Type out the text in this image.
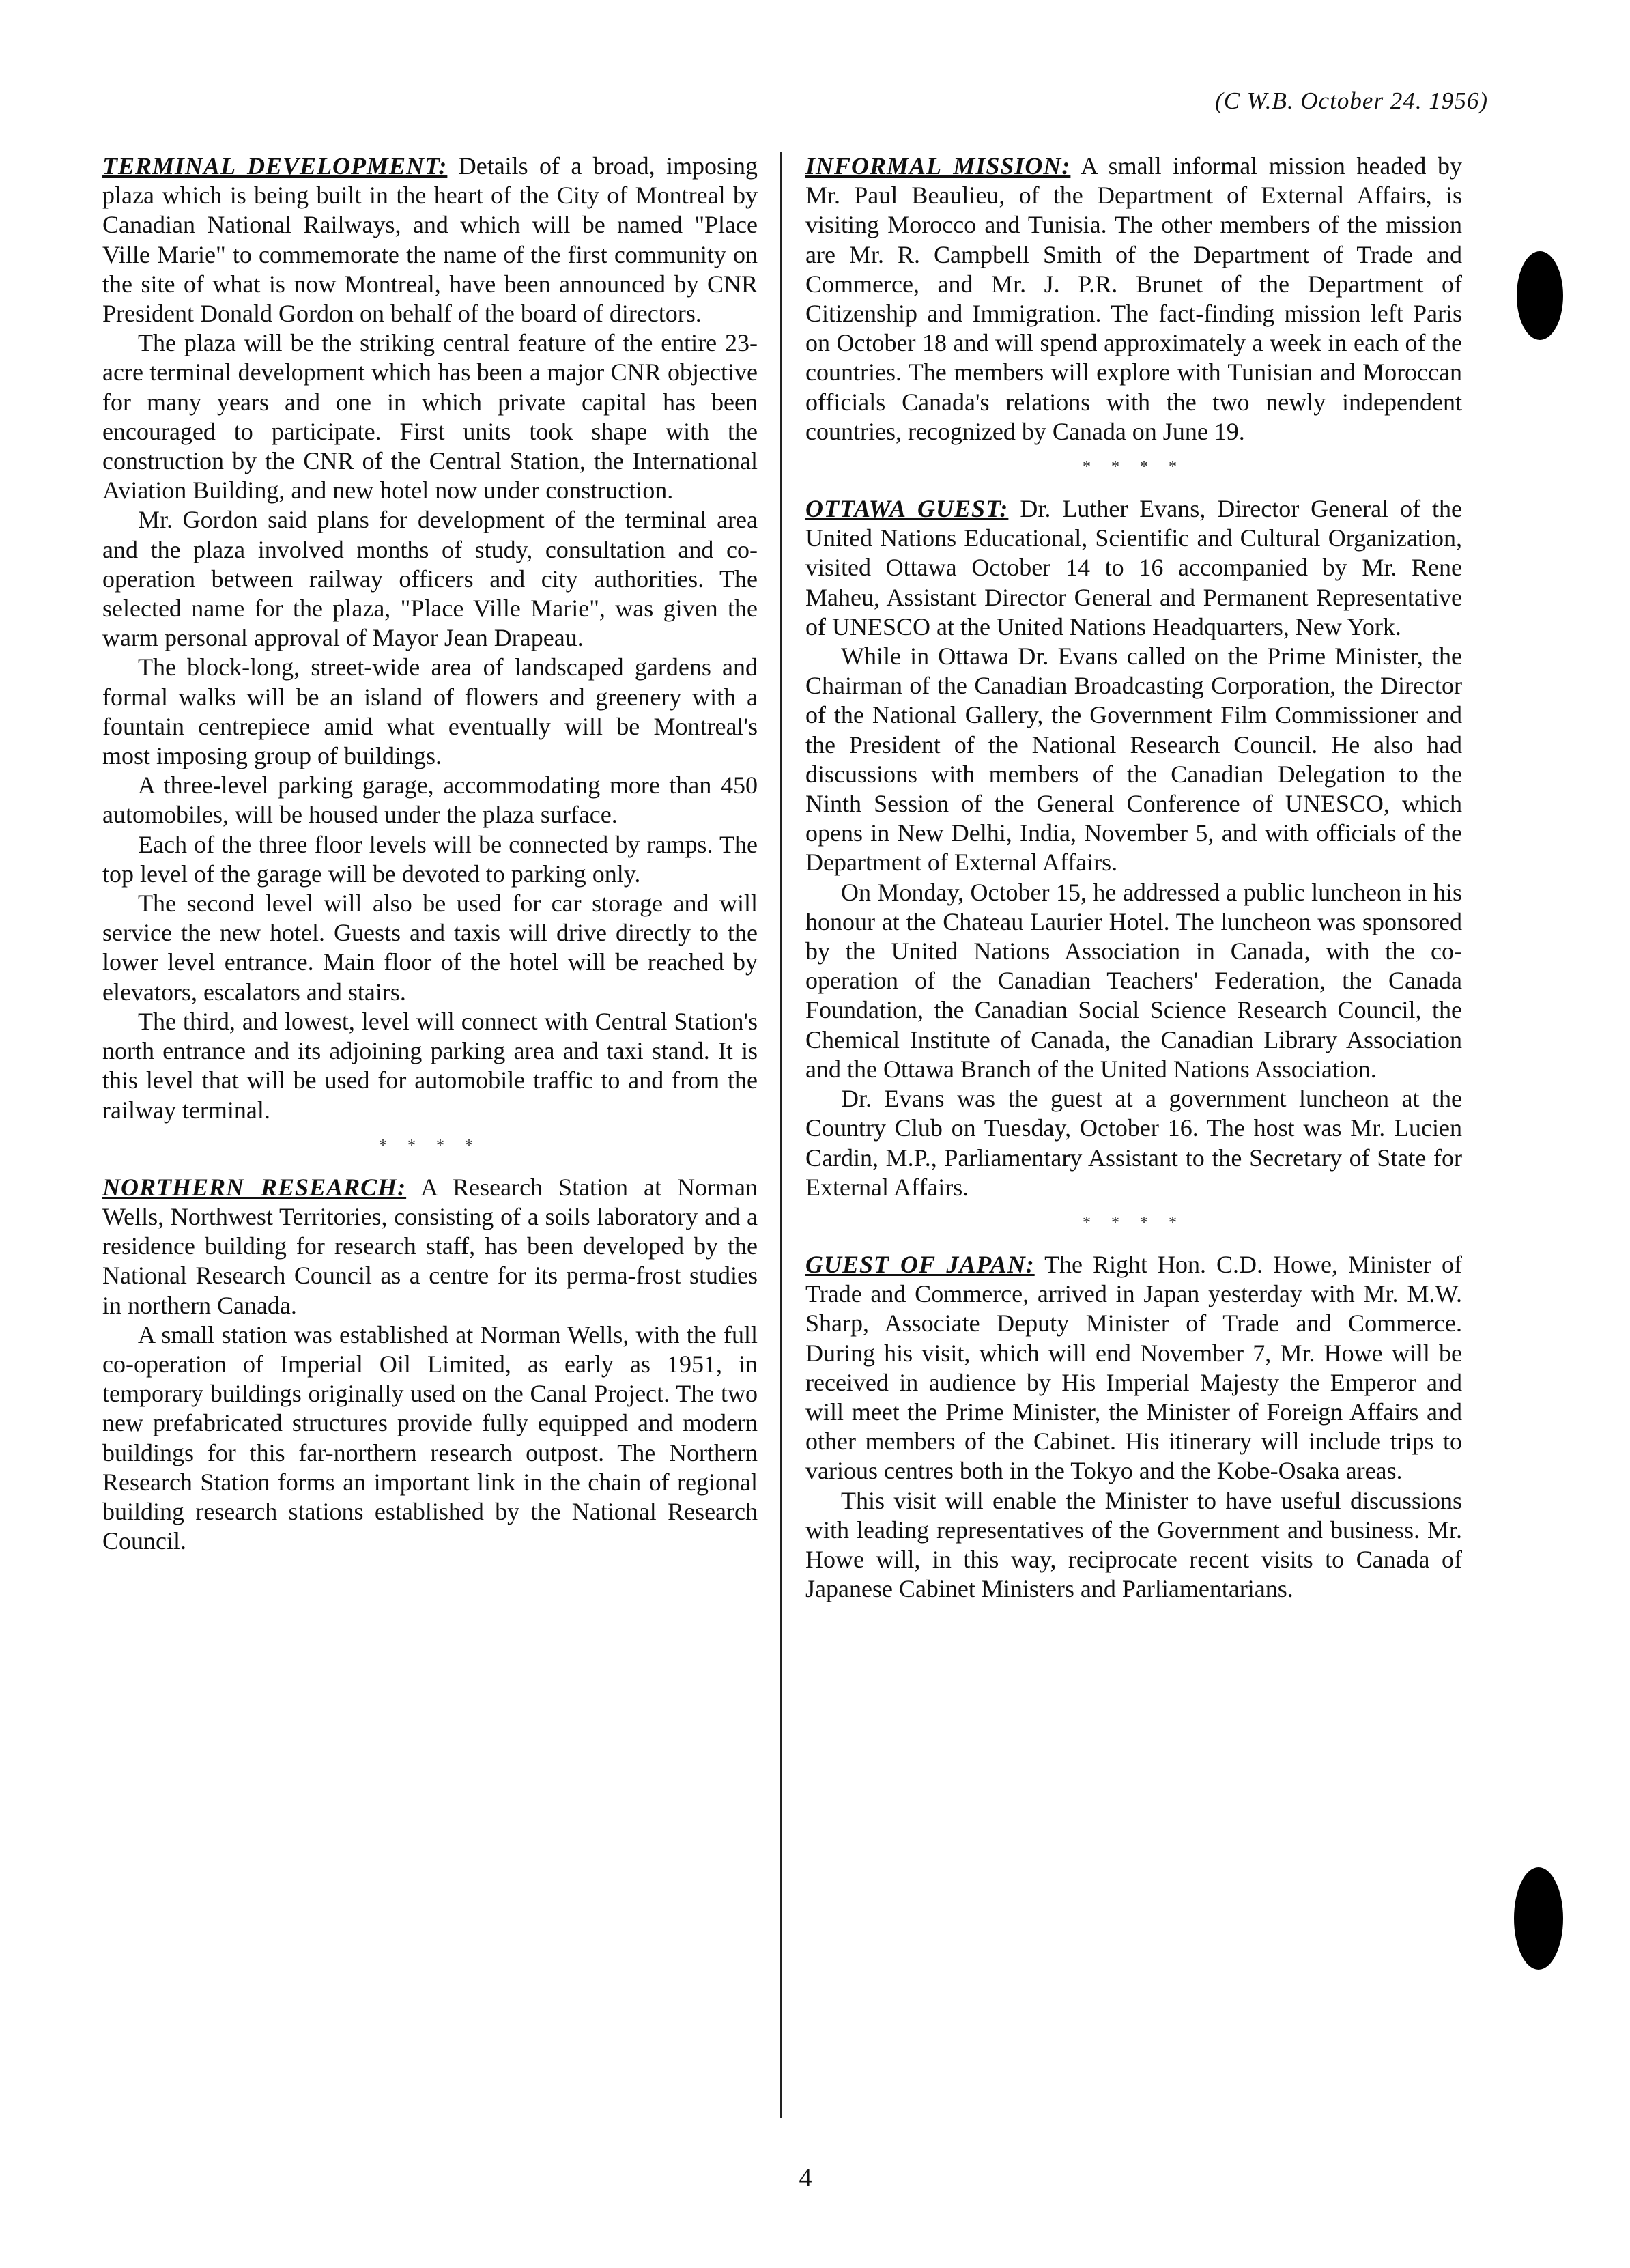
(C W.B. October 24. 1956)

TERMINAL DEVELOPMENT: Details of a broad, imposing plaza which is being built in the heart of the City of Montreal by Canadian National Railways, and which will be named "Place Ville Marie" to commemorate the name of the first community on the site of what is now Montreal, have been announced by CNR President Donald Gordon on behalf of the board of directors.

The plaza will be the striking central feature of the entire 23-acre terminal development which has been a major CNR objective for many years and one in which private capital has been encouraged to participate. First units took shape with the construction by the CNR of the Central Station, the International Aviation Building, and new hotel now under construction.

Mr. Gordon said plans for development of the terminal area and the plaza involved months of study, consultation and co-operation between railway officers and city authorities. The selected name for the plaza, "Place Ville Marie", was given the warm personal approval of Mayor Jean Drapeau.

The block-long, street-wide area of landscaped gardens and formal walks will be an island of flowers and greenery with a fountain centrepiece amid what eventually will be Montreal's most imposing group of buildings.

A three-level parking garage, accommodating more than 450 automobiles, will be housed under the plaza surface.

Each of the three floor levels will be connected by ramps. The top level of the garage will be devoted to parking only.

The second level will also be used for car storage and will service the new hotel. Guests and taxis will drive directly to the lower level entrance. Main floor of the hotel will be reached by elevators, escalators and stairs.

The third, and lowest, level will connect with Central Station's north entrance and its adjoining parking area and taxi stand. It is this level that will be used for automobile traffic to and from the railway terminal.

* * * *

NORTHERN RESEARCH: A Research Station at Norman Wells, Northwest Territories, consisting of a soils laboratory and a residence building for research staff, has been developed by the National Research Council as a centre for its perma-frost studies in northern Canada.

A small station was established at Norman Wells, with the full co-operation of Imperial Oil Limited, as early as 1951, in temporary buildings originally used on the Canal Project. The two new prefabricated structures provide fully equipped and modern buildings for this far-northern research outpost. The Northern Research Station forms an important link in the chain of regional building research stations established by the National Research Council.

INFORMAL MISSION: A small informal mission headed by Mr. Paul Beaulieu, of the Department of External Affairs, is visiting Morocco and Tunisia. The other members of the mission are Mr. R. Campbell Smith of the Department of Trade and Commerce, and Mr. J. P.R. Brunet of the Department of Citizenship and Immigration. The fact-finding mission left Paris on October 18 and will spend approximately a week in each of the countries. The members will explore with Tunisian and Moroccan officials Canada's relations with the two newly independent countries, recognized by Canada on June 19.

* * * *

OTTAWA GUEST: Dr. Luther Evans, Director General of the United Nations Educational, Scientific and Cultural Organization, visited Ottawa October 14 to 16 accompanied by Mr. Rene Maheu, Assistant Director General and Permanent Representative of UNESCO at the United Nations Headquarters, New York.

While in Ottawa Dr. Evans called on the Prime Minister, the Chairman of the Canadian Broadcasting Corporation, the Director of the National Gallery, the Government Film Commissioner and the President of the National Research Council. He also had discussions with members of the Canadian Delegation to the Ninth Session of the General Conference of UNESCO, which opens in New Delhi, India, November 5, and with officials of the Department of External Affairs.

On Monday, October 15, he addressed a public luncheon in his honour at the Chateau Laurier Hotel. The luncheon was sponsored by the United Nations Association in Canada, with the co-operation of the Canadian Teachers' Federation, the Canada Foundation, the Canadian Social Science Research Council, the Chemical Institute of Canada, the Canadian Library Association and the Ottawa Branch of the United Nations Association.

Dr. Evans was the guest at a government luncheon at the Country Club on Tuesday, October 16. The host was Mr. Lucien Cardin, M.P., Parliamentary Assistant to the Secretary of State for External Affairs.

* * * *

GUEST OF JAPAN: The Right Hon. C.D. Howe, Minister of Trade and Commerce, arrived in Japan yesterday with Mr. M.W. Sharp, Associate Deputy Minister of Trade and Commerce. During his visit, which will end November 7, Mr. Howe will be received in audience by His Imperial Majesty the Emperor and will meet the Prime Minister, the Minister of Foreign Affairs and other members of the Cabinet. His itinerary will include trips to various centres both in the Tokyo and the Kobe-Osaka areas.

This visit will enable the Minister to have useful discussions with leading representatives of the Government and business. Mr. Howe will, in this way, reciprocate recent visits to Canada of Japanese Cabinet Ministers and Parliamentarians.

4
